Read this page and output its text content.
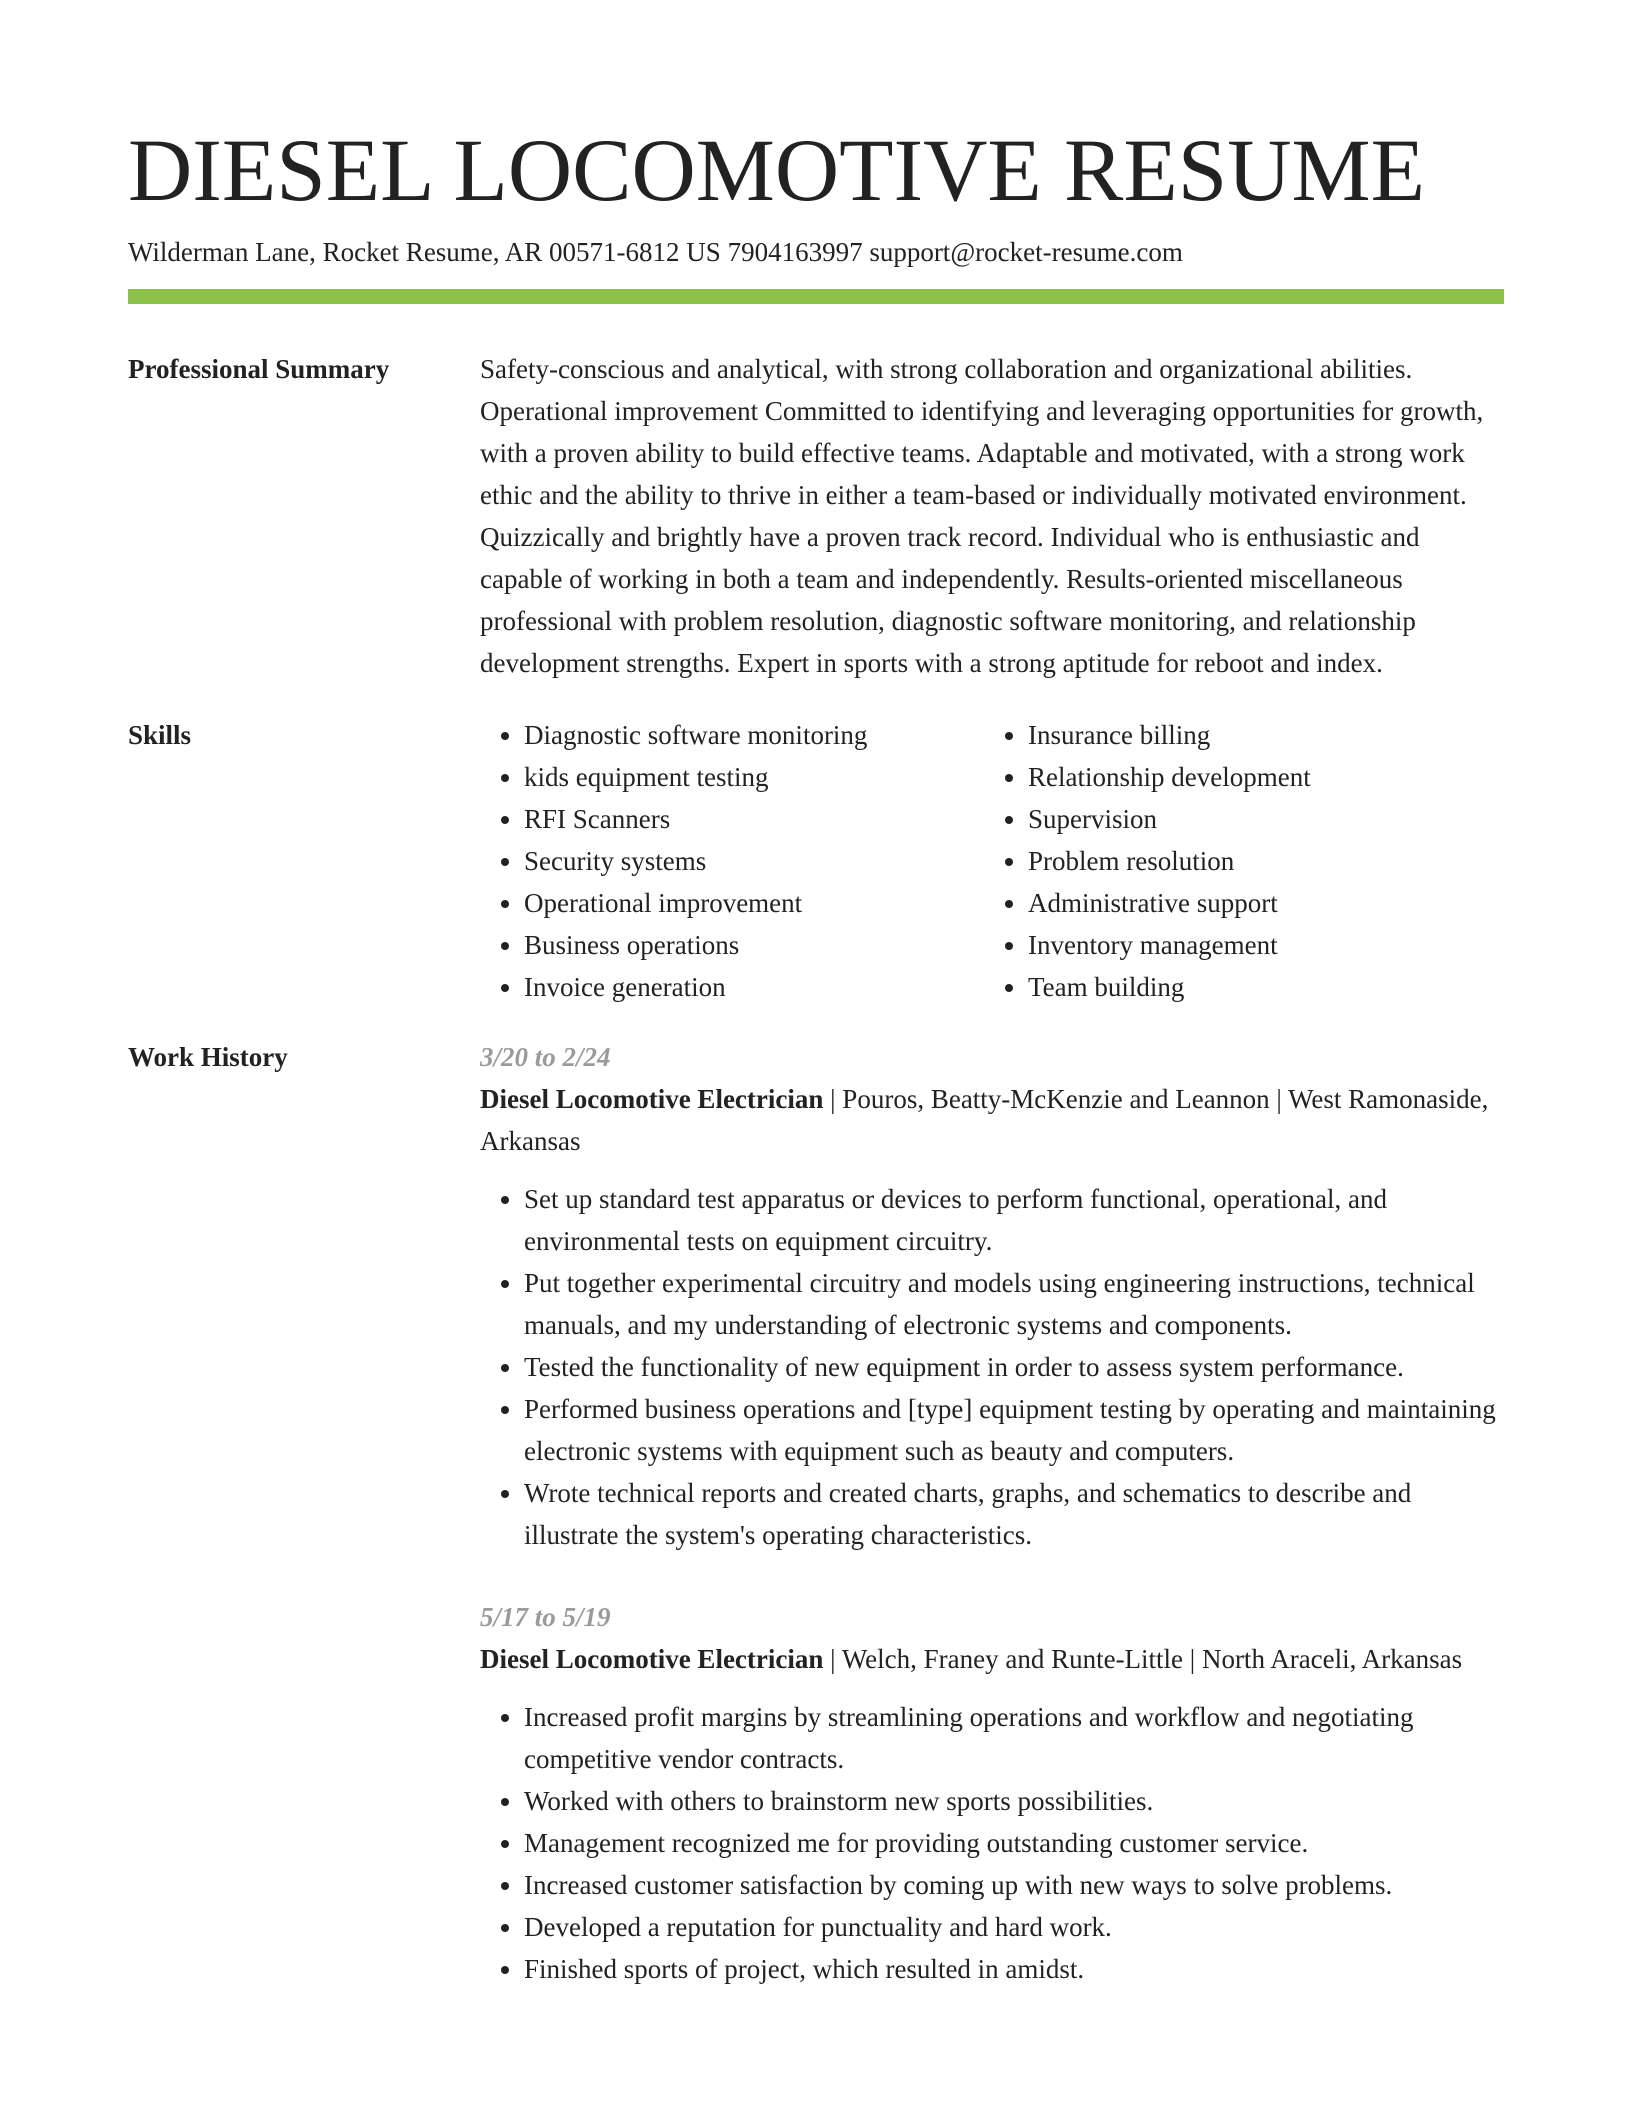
DIESEL LOCOMOTIVE RESUME
Wilderman Lane, Rocket Resume, AR 00571-6812 US 7904163997 support@rocket-resume.com
Professional Summary	Safety-conscious and analytical, with strong collaboration and organizational abilities. Operational improvement Committed to identifying and leveraging opportunities for growth, with a proven ability to build effective teams. Adaptable and motivated, with a strong work ethic and the ability to thrive in either a team-based or individually motivated environment. Quizzically and brightly have a proven track record. Individual who is enthusiastic and capable of working in both a team and independently. Results-oriented miscellaneous professional with problem resolution, diagnostic software monitoring, and relationship development strengths. Expert in sports with a strong aptitude for reboot and index.

Skills
•	Diagnostic software monitoring
• kids equipment testing
• RFI Scanners
• Security systems
• Operational improvement
• Business operations
• Invoice generation
• Insurance billing
• Relationship development
• Supervision
• Problem resolution
• Administrative support
• Inventory management
• Team building
Work History	3/20 to 2/24
Diesel Locomotive Electrician | Pouros, Beatty-McKenzie and Leannon | West Ramonaside, Arkansas
• Set up standard test apparatus or devices to perform functional, operational, and environmental tests on equipment circuitry.
• Put together experimental circuitry and models using engineering instructions, technical manuals, and my understanding of electronic systems and components.
• Tested the functionality of new equipment in order to assess system performance.
• Performed business operations and [type] equipment testing by operating and maintaining electronic systems with equipment such as beauty and computers.
• Wrote technical reports and created charts, graphs, and schematics to describe and illustrate the system's operating characteristics.
5/17 to 5/19
Diesel Locomotive Electrician | Welch, Franey and Runte-Little | North Araceli, Arkansas
• Increased profit margins by streamlining operations and workflow and negotiating competitive vendor contracts.
• Worked with others to brainstorm new sports possibilities.
• Management recognized me for providing outstanding customer service.
• Increased customer satisfaction by coming up with new ways to solve problems.
• Developed a reputation for punctuality and hard work.
• Finished sports of project, which resulted in amidst.
